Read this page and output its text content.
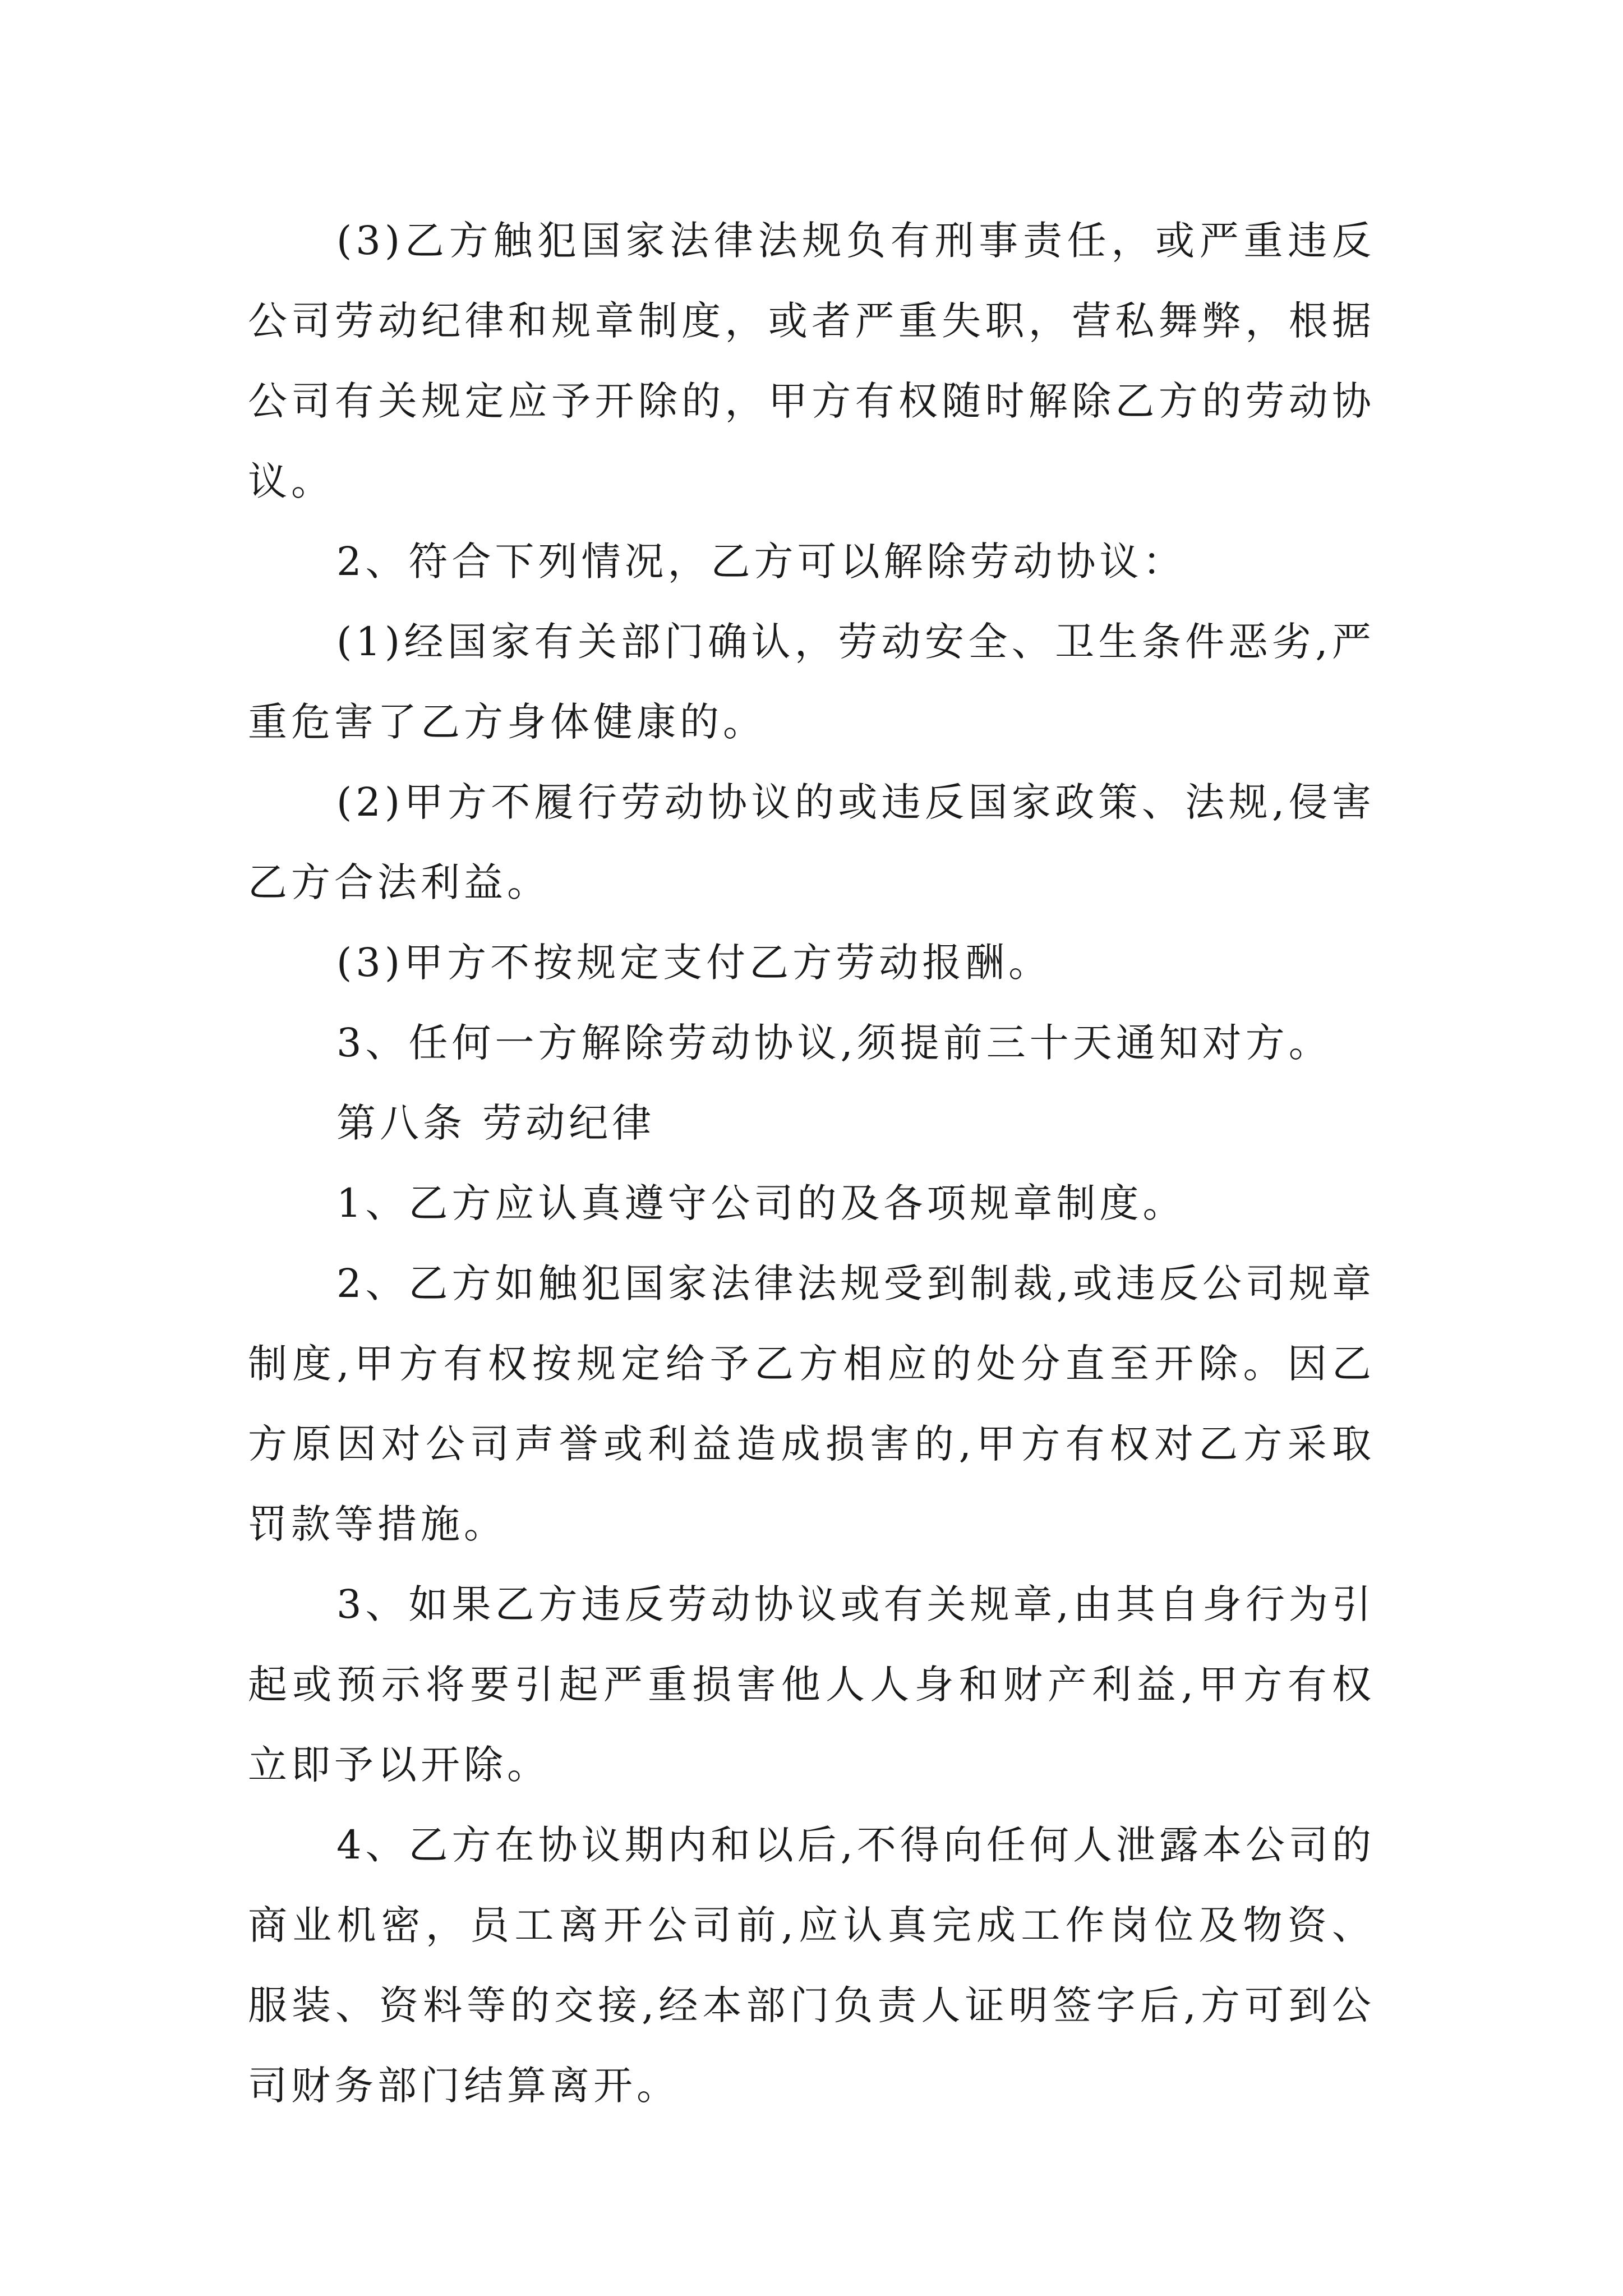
(3)乙方触犯国家法律法规负有刑事责任，或严重违反公司劳动纪律和规章制度，或者严重失职，营私舞弊，根据公司有关规定应予开除的，甲方有权随时解除乙方的劳动协议。

2、符合下列情况，乙方可以解除劳动协议：

(1)经国家有关部门确认，劳动安全、卫生条件恶劣,严重危害了乙方身体健康的。

(2)甲方不履行劳动协议的或违反国家政策、法规,侵害乙方合法利益。

(3)甲方不按规定支付乙方劳动报酬。

3、任何一方解除劳动协议,须提前三十天通知对方。

第八条 劳动纪律

1、乙方应认真遵守公司的及各项规章制度。

2、乙方如触犯国家法律法规受到制裁,或违反公司规章制度,甲方有权按规定给予乙方相应的处分直至开除。因乙方原因对公司声誉或利益造成损害的,甲方有权对乙方采取罚款等措施。

3、如果乙方违反劳动协议或有关规章,由其自身行为引起或预示将要引起严重损害他人人身和财产利益,甲方有权立即予以开除。

4、乙方在协议期内和以后,不得向任何人泄露本公司的商业机密，员工离开公司前,应认真完成工作岗位及物资、服装、资料等的交接,经本部门负责人证明签字后,方可到公司财务部门结算离开。
